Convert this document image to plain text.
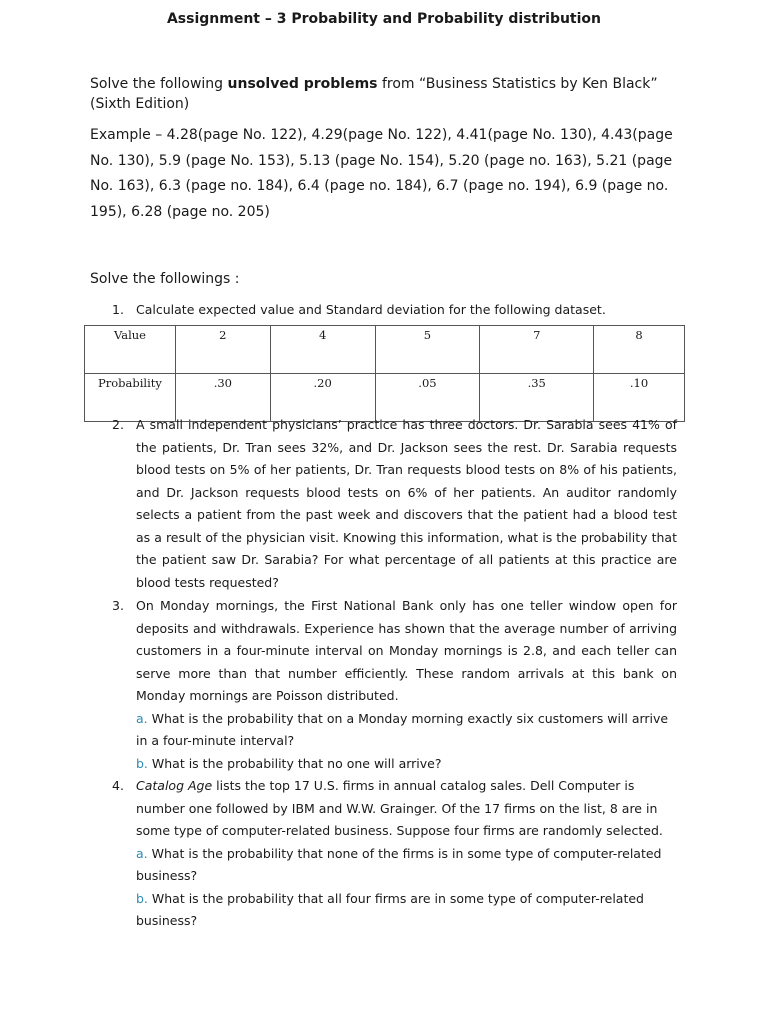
Assignment – 3 Probability and Probability distribution
Solve the following unsolved problems from “Business Statistics by Ken Black” (Sixth Edition)
Example – 4.28(page No. 122), 4.29(page No. 122), 4.41(page No. 130), 4.43(page No. 130), 5.9 (page No. 153), 5.13 (page No. 154), 5.20 (page no. 163), 5.21 (page No. 163), 6.3 (page no. 184), 6.4 (page no. 184), 6.7 (page no. 194), 6.9 (page no. 195), 6.28 (page no. 205)
Solve the followings :
1. Calculate expected value and Standard deviation for the following dataset.
Value	2	4	5	7	8
Probability	.30	.20	.05	.35	.10
2. A small independent physicians’ practice has three doctors. Dr. Sarabia sees 41% of the patients, Dr. Tran sees 32%, and Dr. Jackson sees the rest. Dr. Sarabia requests blood tests on 5% of her patients, Dr. Tran requests blood tests on 8% of his patients, and Dr. Jackson requests blood tests on 6% of her patients. An auditor randomly selects a patient from the past week and discovers that the patient had a blood test as a result of the physician visit. Knowing this information, what is the probability that the patient saw Dr. Sarabia? For what percentage of all patients at this practice are blood tests requested?
3. On Monday mornings, the First National Bank only has one teller window open for deposits and withdrawals. Experience has shown that the average number of arriving customers in a four-minute interval on Monday mornings is 2.8, and each teller can serve more than that number efficiently. These random arrivals at this bank on Monday mornings are Poisson distributed.
a. What is the probability that on a Monday morning exactly six customers will arrive in a four-minute interval?
b. What is the probability that no one will arrive?
4. Catalog Age lists the top 17 U.S. firms in annual catalog sales. Dell Computer is number one followed by IBM and W.W. Grainger. Of the 17 firms on the list, 8 are in some type of computer-related business. Suppose four firms are randomly selected.
a. What is the probability that none of the firms is in some type of computer-related business?
b. What is the probability that all four firms are in some type of computer-related business?
